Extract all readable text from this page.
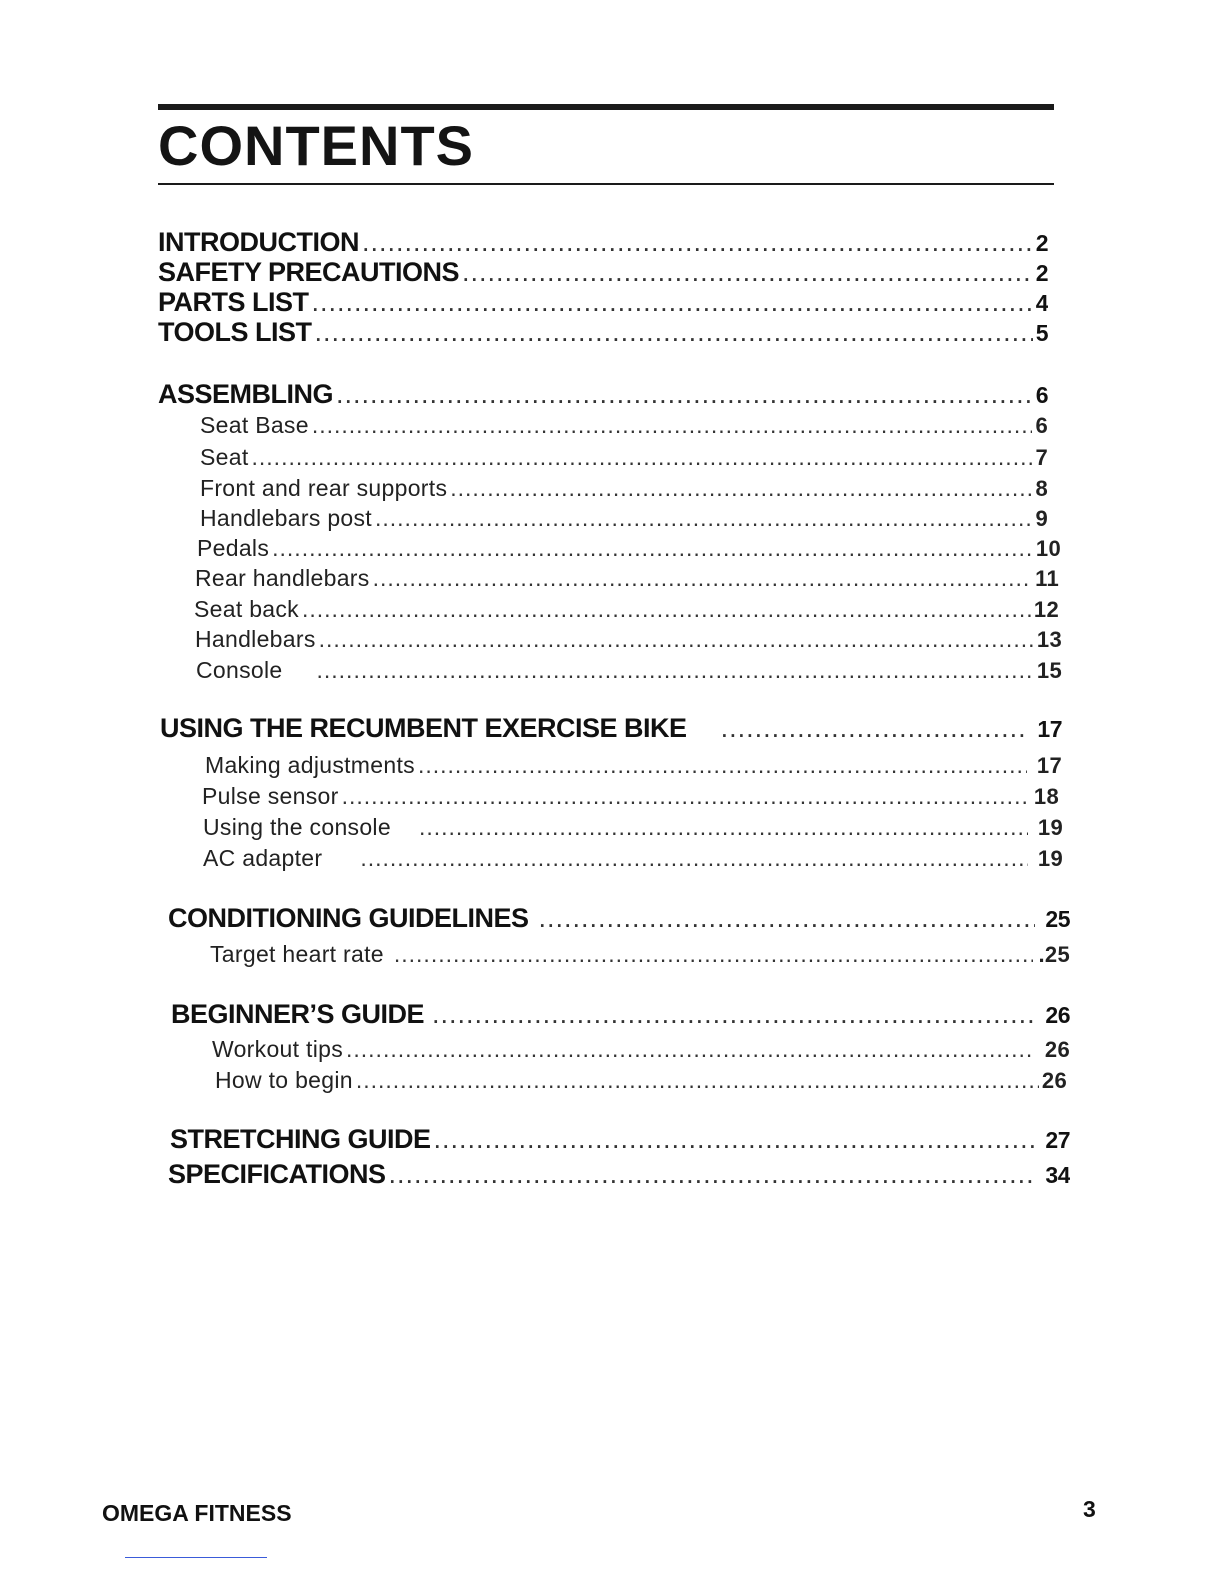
CONTENTS
INTRODUCTION .....	2
SAFETY PRECAUTIONS .....	2
PARTS LIST .....	4
TOOLS LIST .....	5
ASSEMBLING .....	6
Seat Base .....	6
Seat .....	7
Front and rear supports .....	8
Handlebars post .....	9
Pedals .....	10
Rear handlebars .....	11
Seat back .....	12
Handlebars .....	13
Console .....	15
USING THE RECUMBENT EXERCISE BIKE .....	17
Making adjustments .....	17
Pulse sensor .....	18
Using the console .....	19
AC adapter .....	19
CONDITIONING GUIDELINES .....	25
Target heart rate .....	.25
BEGINNER’S GUIDE .....	26
Workout tips .....	26
How to begin .....	26
STRETCHING GUIDE .....	27
SPECIFICATIONS .....	34
OMEGA FITNESS	3
